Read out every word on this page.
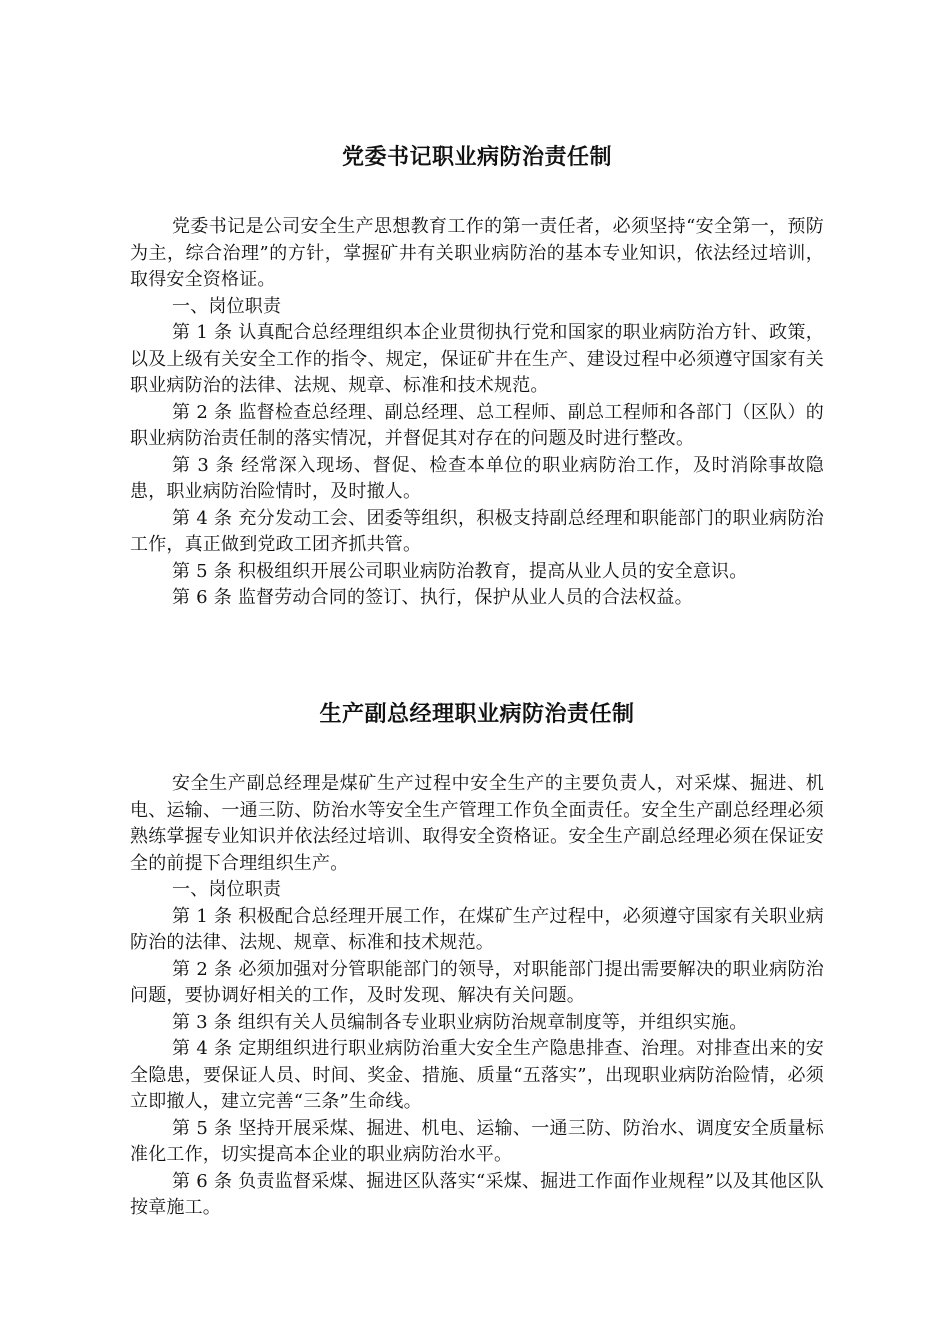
党委书记职业病防治责任制

党委书记是公司安全生产思想教育工作的第一责任者，必须坚持“安全第一，预防为主，综合治理”的方针，掌握矿井有关职业病防治的基本专业知识，依法经过培训，取得安全资格证。

一、岗位职责

第 1 条 认真配合总经理组织本企业贯彻执行党和国家的职业病防治方针、政策，以及上级有关安全工作的指令、规定，保证矿井在生产、建设过程中必须遵守国家有关职业病防治的法律、法规、规章、标准和技术规范。

第 2 条 监督检查总经理、副总经理、总工程师、副总工程师和各部门（区队）的职业病防治责任制的落实情况，并督促其对存在的问题及时进行整改。

第 3 条 经常深入现场、督促、检查本单位的职业病防治工作，及时消除事故隐患，职业病防治险情时，及时撤人。

第 4 条 充分发动工会、团委等组织，积极支持副总经理和职能部门的职业病防治工作，真正做到党政工团齐抓共管。

第 5 条 积极组织开展公司职业病防治教育，提高从业人员的安全意识。

第 6 条 监督劳动合同的签订、执行，保护从业人员的合法权益。

生产副总经理职业病防治责任制

安全生产副总经理是煤矿生产过程中安全生产的主要负责人，对采煤、掘进、机电、运输、一通三防、防治水等安全生产管理工作负全面责任。安全生产副总经理必须熟练掌握专业知识并依法经过培训、取得安全资格证。安全生产副总经理必须在保证安全的前提下合理组织生产。

一、岗位职责

第 1 条 积极配合总经理开展工作，在煤矿生产过程中，必须遵守国家有关职业病防治的法律、法规、规章、标准和技术规范。

第 2 条 必须加强对分管职能部门的领导，对职能部门提出需要解决的职业病防治问题，要协调好相关的工作，及时发现、解决有关问题。

第 3 条 组织有关人员编制各专业职业病防治规章制度等，并组织实施。

第 4 条 定期组织进行职业病防治重大安全生产隐患排查、治理。对排查出来的安全隐患，要保证人员、时间、奖金、措施、质量“五落实”，出现职业病防治险情，必须立即撤人，建立完善“三条”生命线。

第 5 条 坚持开展采煤、掘进、机电、运输、一通三防、防治水、调度安全质量标准化工作，切实提高本企业的职业病防治水平。

第 6 条 负责监督采煤、掘进区队落实“采煤、掘进工作面作业规程”以及其他区队按章施工。
